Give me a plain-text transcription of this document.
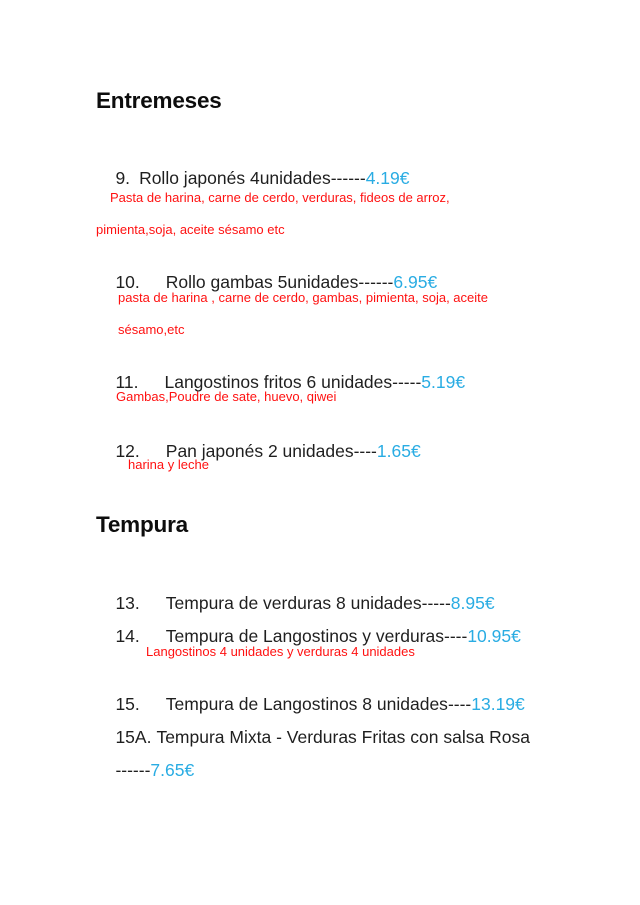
Entremeses

9. Rollo japonés 4unidades------4.19€

Pasta de harina, carne de cerdo, verduras, fideos de arroz,
pimienta,soja, aceite sésamo etc

10. Rollo gambas 5unidades------6.95€

pasta de harina , carne de cerdo, gambas, pimienta, soja, aceite
sésamo,etc

11. Langostinos fritos 6 unidades-----5.19€

Gambas,Poudre de sate, huevo, qiwei

12. Pan japonés 2 unidades----1.65€

harina y leche
Tempura

13. Tempura de verduras 8 unidades-----8.95€

14. Tempura de Langostinos y verduras----10.95€

Langostinos 4 unidades y verduras 4 unidades

15. Tempura de Langostinos 8 unidades----13.19€

15A. Tempura Mixta - Verduras Fritas con salsa Rosa

------7.65€
